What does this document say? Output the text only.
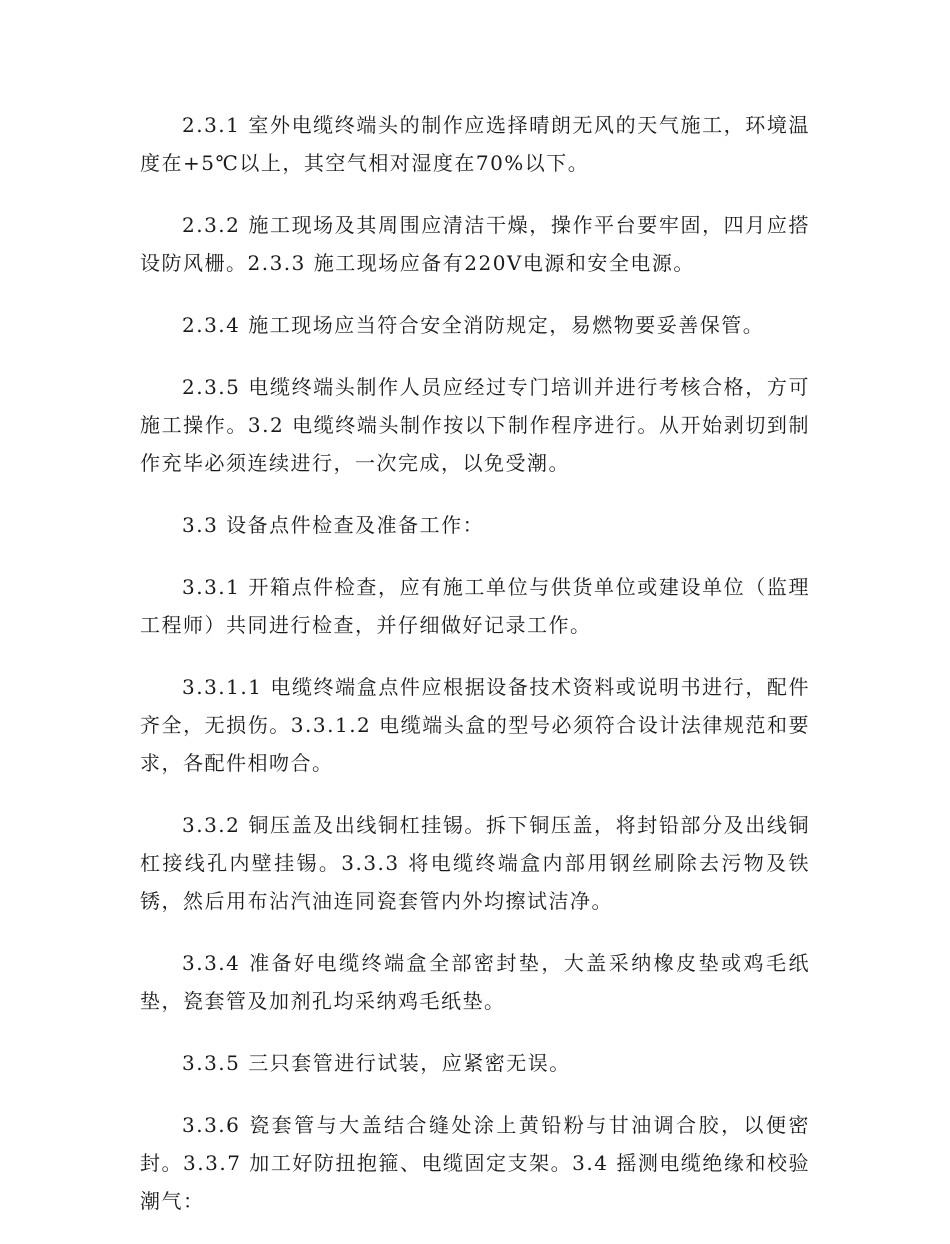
2.3.1 室外电缆终端头的制作应选择晴朗无风的天气施工，环境温度在+5℃以上，其空气相对湿度在70%以下。

2.3.2 施工现场及其周围应清洁干燥，操作平台要牢固，四月应搭设防风栅。2.3.3 施工现场应备有220V电源和安全电源。

2.3.4 施工现场应当符合安全消防规定，易燃物要妥善保管。

2.3.5 电缆终端头制作人员应经过专门培训并进行考核合格，方可施工操作。3.2 电缆终端头制作按以下制作程序进行。从开始剥切到制作充毕必须连续进行，一次完成，以免受潮。

3.3 设备点件检查及准备工作：

3.3.1 开箱点件检查，应有施工单位与供货单位或建设单位（监理工程师）共同进行检查，并仔细做好记录工作。

3.3.1.1 电缆终端盒点件应根据设备技术资料或说明书进行，配件齐全，无损伤。3.3.1.2 电缆端头盒的型号必须符合设计法律规范和要求，各配件相吻合。

3.3.2 铜压盖及出线铜杠挂锡。拆下铜压盖，将封铅部分及出线铜杠接线孔内壁挂锡。3.3.3 将电缆终端盒内部用钢丝刷除去污物及铁锈，然后用布沾汽油连同瓷套管内外均擦试洁净。

3.3.4 准备好电缆终端盒全部密封垫，大盖采纳橡皮垫或鸡毛纸垫，瓷套管及加剂孔均采纳鸡毛纸垫。

3.3.5 三只套管进行试装，应紧密无误。

3.3.6 瓷套管与大盖结合缝处涂上黄铅粉与甘油调合胶，以便密封。3.3.7 加工好防扭抱箍、电缆固定支架。3.4 摇测电缆绝缘和校验潮气：
